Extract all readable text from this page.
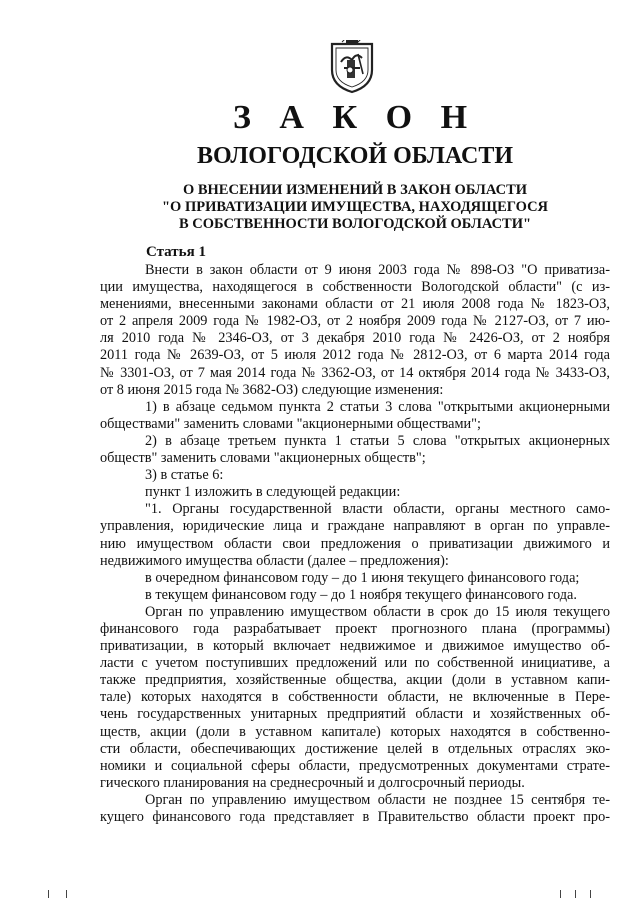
З А К О Н
ВОЛОГОДСКОЙ ОБЛАСТИ
О ВНЕСЕНИИ ИЗМЕНЕНИЙ В ЗАКОН ОБЛАСТИ
"О ПРИВАТИЗАЦИИ ИМУЩЕСТВА, НАХОДЯЩЕГОСЯ
В СОБСТВЕННОСТИ ВОЛОГОДСКОЙ ОБЛАСТИ"
Статья 1
Внести в закон области от 9 июня 2003 года № 898-ОЗ "О приватиза-
ции имущества, находящегося в собственности Вологодской области" (с из-
менениями, внесенными законами области от 21 июля 2008 года № 1823-ОЗ,
от 2 апреля 2009 года № 1982-ОЗ, от 2 ноября 2009 года № 2127-ОЗ, от 7 ию-
ля 2010 года № 2346-ОЗ, от 3 декабря 2010 года № 2426-ОЗ, от 2 ноября
2011 года № 2639-ОЗ, от 5 июля 2012 года № 2812-ОЗ, от 6 марта 2014 года
№ 3301-ОЗ, от 7 мая 2014 года № 3362-ОЗ, от 14 октября 2014 года № 3433-ОЗ,
от 8 июня 2015 года № 3682-ОЗ) следующие изменения:
1) в абзаце седьмом пункта 2 статьи 3 слова "открытыми акционерными
обществами" заменить словами "акционерными обществами";
2) в абзаце третьем пункта 1 статьи 5 слова "открытых акционерных
обществ" заменить словами "акционерных обществ";
3) в статье 6:
пункт 1 изложить в следующей редакции:
"1. Органы государственной власти области, органы местного само-
управления, юридические лица и граждане направляют в орган по управле-
нию имуществом области свои предложения о приватизации движимого и
недвижимого имущества области (далее – предложения):
в очередном финансовом году – до 1 июня текущего финансового года;
в текущем финансовом году – до 1 ноября текущего финансового года.
Орган по управлению имуществом области в срок до 15 июля текущего
финансового года разрабатывает проект прогнозного плана (программы)
приватизации, в который включает недвижимое и движимое имущество об-
ласти с учетом поступивших предложений или по собственной инициативе, а
также предприятия, хозяйственные общества, акции (доли в уставном капи-
тале) которых находятся в собственности области, не включенные в Пере-
чень государственных унитарных предприятий области и хозяйственных об-
ществ, акции (доли в уставном капитале) которых находятся в собственно-
сти области, обеспечивающих достижение целей в отдельных отраслях эко-
номики и социальной сферы области, предусмотренных документами страте-
гического планирования на среднесрочный и долгосрочный периоды.
Орган по управлению имуществом области не позднее 15 сентября те-
кущего финансового года представляет в Правительство области проект про-
